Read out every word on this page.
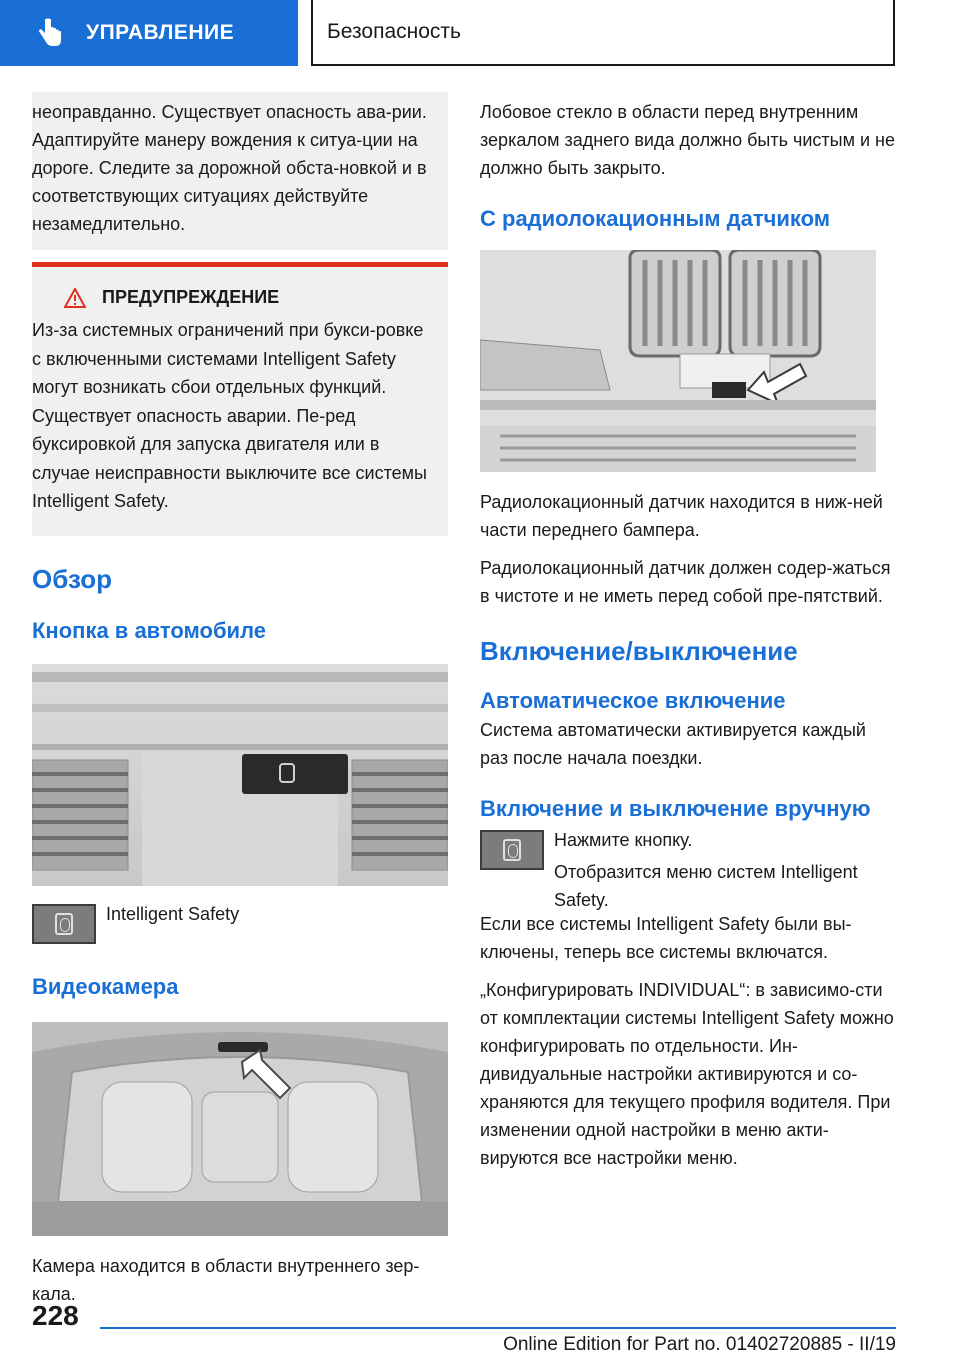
УПРАВЛЕНИЕ	Безопасность

неоправданно. Существует опасность ава-рии. Адаптируйте манеру вождения к ситуа-ции на дороге. Следите за дорожной обста-новкой и в соответствующих ситуациях действуйте незамедлительно.

ПРЕДУПРЕЖДЕНИЕ

Из-за системных ограничений при букси-ровке с включенными системами Intelligent Safety могут возникать сбои отдельных функций. Существует опасность аварии. Пе-ред буксировкой для запуска двигателя или в случае неисправности выключите все системы Intelligent Safety.

Обзор
Кнопка в автомобиле

Intelligent Safety

Видеокамера

Камера находится в области внутреннего зер-кала.

Лобовое стекло в области перед внутренним зеркалом заднего вида должно быть чистым и не должно быть закрыто.

С радиолокационным датчиком

Радиолокационный датчик находится в ниж-ней части переднего бампера.

Радиолокационный датчик должен содер-жаться в чистоте и не иметь перед собой пре-пятствий.

Включение/выключение
Автоматическое включение

Система автоматически активируется каждый раз после начала поездки.

Включение и выключение вручную

Нажмите кнопку.

Отобразится меню систем Intelligent Safety.

Если все системы Intelligent Safety были вы-ключены, теперь все системы включатся.

„Конфигурировать INDIVIDUAL“: в зависимо-сти от комплектации системы Intelligent Safety можно конфигурировать по отдельности. Ин-дивидуальные настройки активируются и со-храняются для текущего профиля водителя. При изменении одной настройки в меню акти-вируются все настройки меню.

228
Online Edition for Part no. 01402720885 - II/19
